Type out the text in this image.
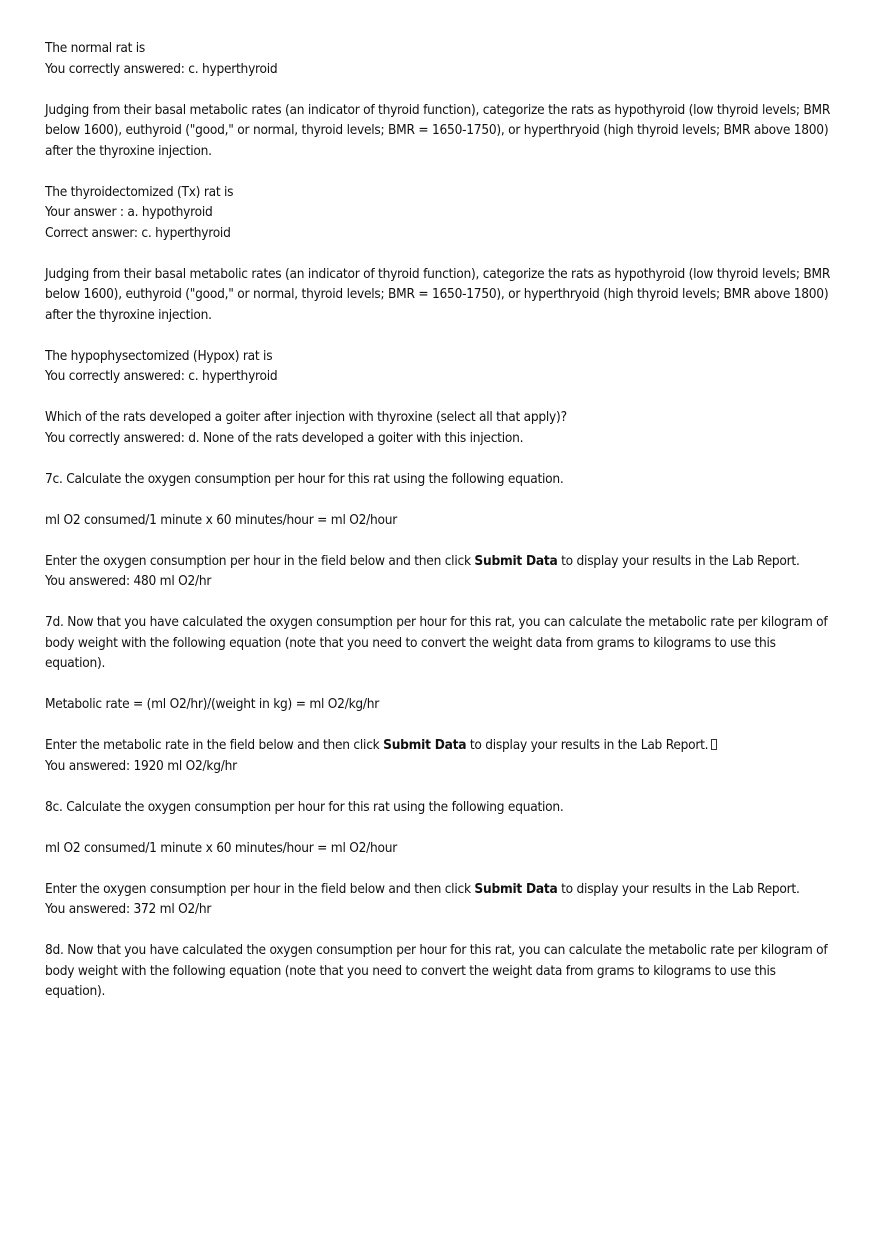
The normal rat is
You correctly answered: c. hyperthyroid
Judging from their basal metabolic rates (an indicator of thyroid function), categorize the rats as hypothyroid (low thyroid levels; BMR below 1600), euthyroid ("good," or normal, thyroid levels; BMR = 1650-1750), or hyperthryoid (high thyroid levels; BMR above 1800) after the thyroxine injection.
The thyroidectomized (Tx) rat is
Your answer : a. hypothyroid
Correct answer: c. hyperthyroid
Judging from their basal metabolic rates (an indicator of thyroid function), categorize the rats as hypothyroid (low thyroid levels; BMR below 1600), euthyroid ("good," or normal, thyroid levels; BMR = 1650-1750), or hyperthryoid (high thyroid levels; BMR above 1800) after the thyroxine injection.
The hypophysectomized (Hypox) rat is
You correctly answered: c. hyperthyroid
Which of the rats developed a goiter after injection with thyroxine (select all that apply)?
You correctly answered: d. None of the rats developed a goiter with this injection.
7c. Calculate the oxygen consumption per hour for this rat using the following equation.
ml O2 consumed/1 minute x 60 minutes/hour = ml O2/hour
Enter the oxygen consumption per hour in the field below and then click Submit Data to display your results in the Lab Report.
You answered: 480 ml O2/hr
7d. Now that you have calculated the oxygen consumption per hour for this rat, you can calculate the metabolic rate per kilogram of body weight with the following equation (note that you need to convert the weight data from grams to kilograms to use this equation).
Metabolic rate = (ml O2/hr)/(weight in kg) = ml O2/kg/hr
Enter the metabolic rate in the field below and then click Submit Data to display your results in the Lab Report.
You answered: 1920 ml O2/kg/hr
8c. Calculate the oxygen consumption per hour for this rat using the following equation.
ml O2 consumed/1 minute x 60 minutes/hour = ml O2/hour
Enter the oxygen consumption per hour in the field below and then click Submit Data to display your results in the Lab Report.
You answered: 372 ml O2/hr
8d. Now that you have calculated the oxygen consumption per hour for this rat, you can calculate the metabolic rate per kilogram of body weight with the following equation (note that you need to convert the weight data from grams to kilograms to use this equation).
